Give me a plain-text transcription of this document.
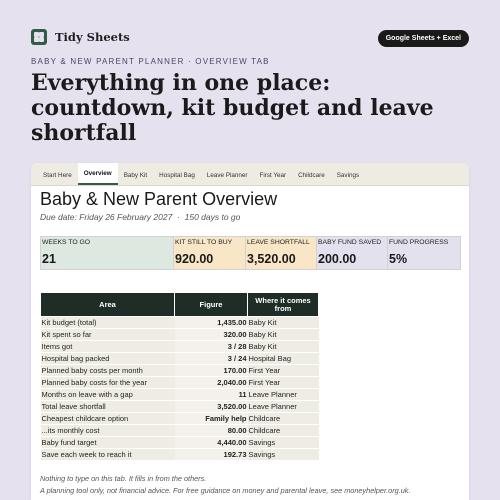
Tidy Sheets	Google Sheets + Excel
BABY & NEW PARENT PLANNER · OVERVIEW TAB
Everything in one place: countdown, kit budget and leave shortfall
Start Here	Overview	Baby Kit	Hospital Bag	Leave Planner	First Year	Childcare	Savings
Baby & New Parent Overview
Due date: Friday 26 February 2027 · 150 days to go
WEEKS TO GO
21
KIT STILL TO BUY
920.00
LEAVE SHORTFALL
3,520.00
BABY FUND SAVED
200.00
FUND PROGRESS
5%
Area	Figure	Where it comes from
Kit budget (total)	1,435.00	Baby Kit
Kit spent so far	320.00	Baby Kit
Items got	3 / 28	Baby Kit
Hospital bag packed	3 / 24	Hospital Bag
Planned baby costs per month	170.00	First Year
Planned baby costs for the year	2,040.00	First Year
Months on leave with a gap	11	Leave Planner
Total leave shortfall	3,520.00	Leave Planner
Cheapest childcare option	Family help	Childcare
...its monthly cost	80.00	Childcare
Baby fund target	4,440.00	Savings
Save each week to reach it	192.73	Savings
Nothing to type on this tab. It fills in from the others.
A planning tool only, not financial advice. For free guidance on money and parental leave, see moneyhelper.org.uk.
